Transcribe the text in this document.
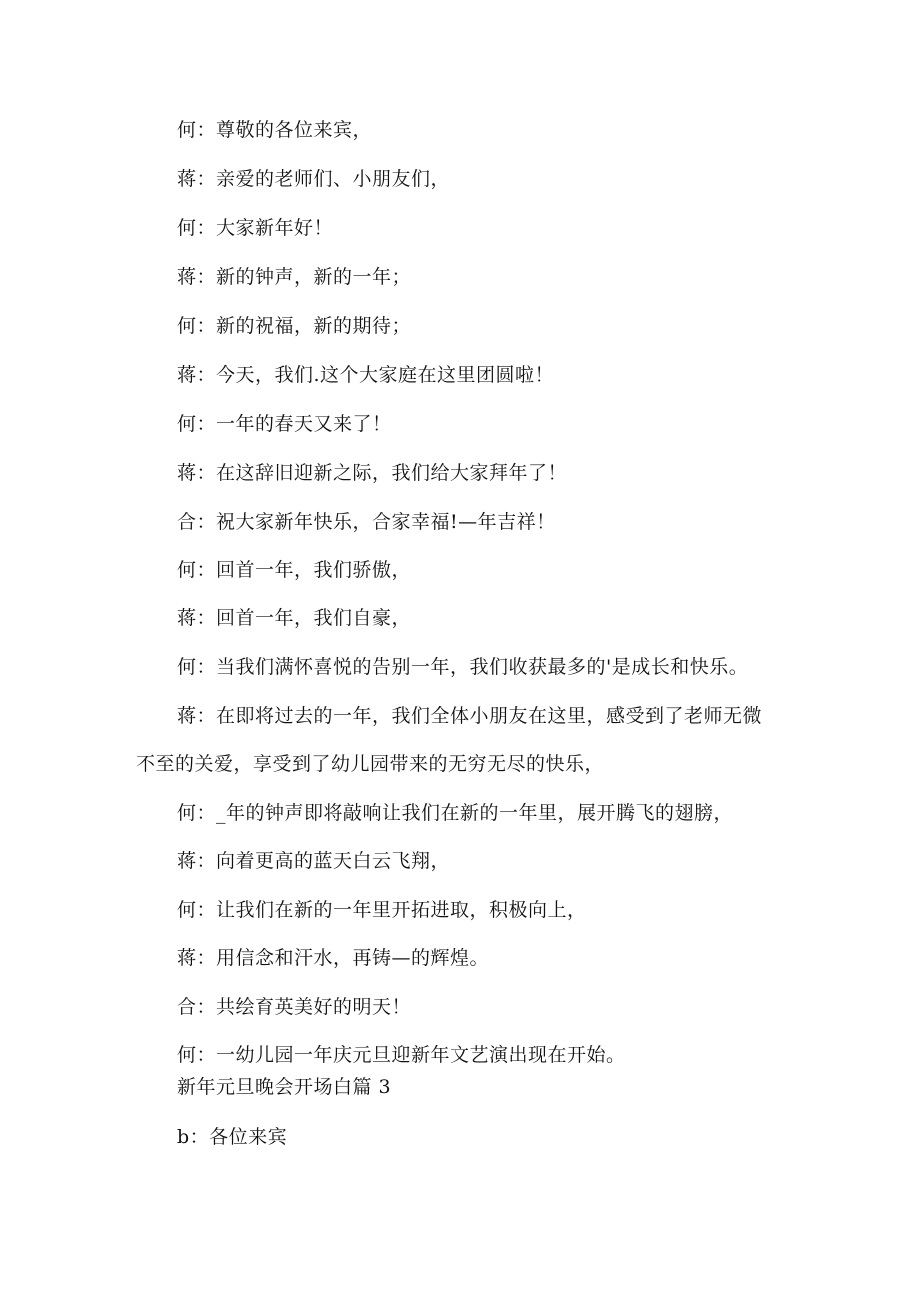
何：尊敬的各位来宾，
蒋：亲爱的老师们、小朋友们，
何：大家新年好！
蒋：新的钟声，新的一年；
何：新的祝福，新的期待；
蒋：今天，我们.这个大家庭在这里团圆啦！
何：一年的春天又来了！
蒋：在这辞旧迎新之际，我们给大家拜年了！
合：祝大家新年快乐，合家幸福!—年吉祥！
何：回首一年，我们骄傲，
蒋：回首一年，我们自豪，
何：当我们满怀喜悦的告别一年，我们收获最多的'是成长和快乐。
蒋：在即将过去的一年，我们全体小朋友在这里，感受到了老师无微
不至的关爱，享受到了幼儿园带来的无穷无尽的快乐，
何：_年的钟声即将敲响让我们在新的一年里，展开腾飞的翅膀，
蒋：向着更高的蓝天白云飞翔，
何：让我们在新的一年里开拓进取，积极向上，
蒋：用信念和汗水，再铸—的辉煌。
合：共绘育英美好的明天！
何：一幼儿园一年庆元旦迎新年文艺演出现在开始。
新年元旦晚会开场白篇 3
b：各位来宾
